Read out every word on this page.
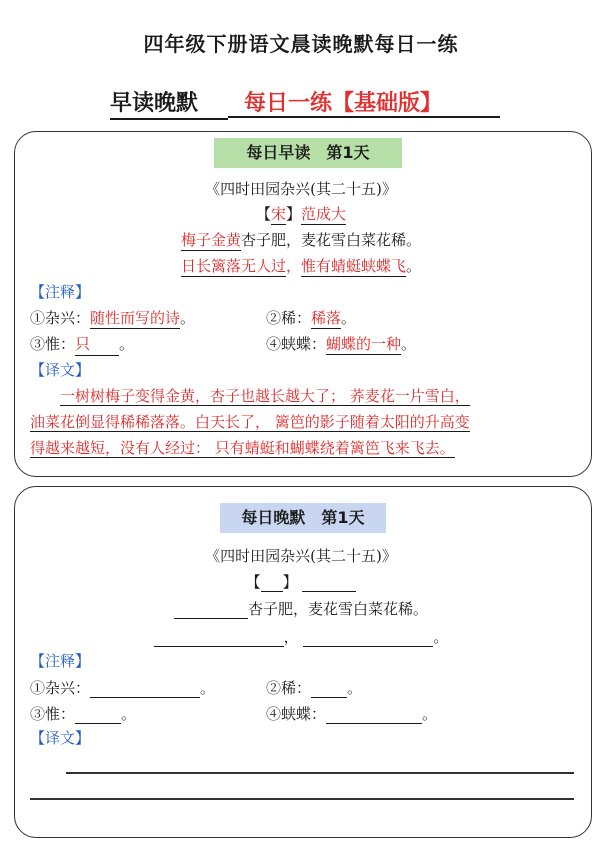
四年级下册语文晨读晚默每日一练
早读晚默	每日一练【基础版】
每日早读　第1天
《四时田园杂兴(其二十五)》
【宋】范成大
梅子金黄杏子肥，麦花雪白菜花稀。
日长篱落无人过，惟有蜻蜓蛱蝶飞。
【注释】
①杂兴：随性而写的诗。	②稀：稀落。
③惟：只 。	④蛱蝶：蝴蝶的一种。
【译文】
一树树梅子变得金黄，杏子也越长越大了； 荞麦花一片雪白，
油菜花倒显得稀稀落落。白天长了， 篱笆的影子随着太阳的升高变
得越来越短，没有人经过： 只有蜻蜓和蝴蝶绕着篱笆飞来飞去。
每日晚默　第1天
《四时田园杂兴(其二十五)》
【 】
杏子肥，麦花雪白菜花稀。
，	。
【注释】
①杂兴：	。	②稀： 。
③惟：	。	④蛱蝶：	。
【译文】
